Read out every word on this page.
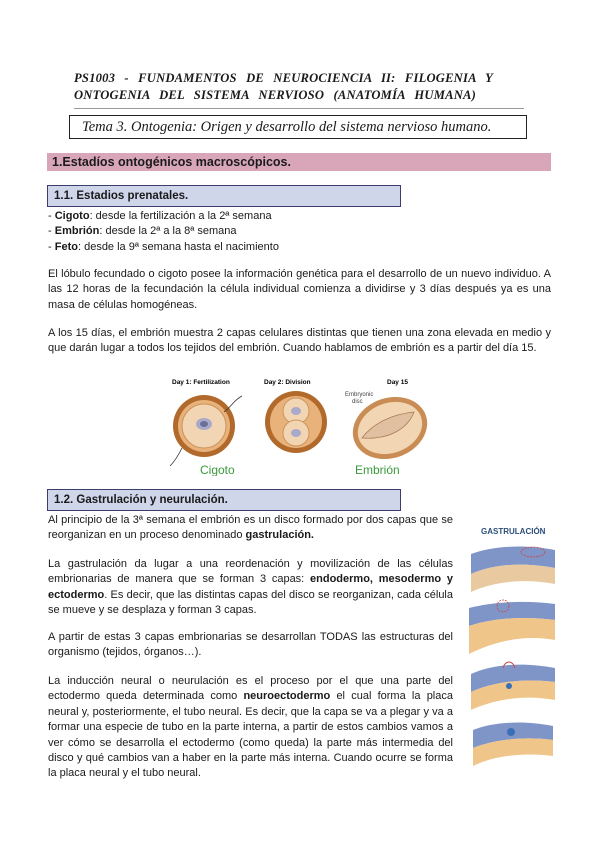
PS1003 - FUNDAMENTOS DE NEUROCIENCIA II: FILOGENIA Y
ONTOGENIA DEL SISTEMA NERVIOSO (ANATOMÍA HUMANA)
Tema 3. Ontogenia: Origen y desarrollo del sistema nervioso humano.
1.Estadíos ontogénicos macroscópicos.
1.1. Estadios prenatales.
- Cigoto: desde la fertilización a la 2ª semana
- Embrión: desde la 2ª a la 8ª semana
- Feto: desde la 9ª semana hasta el nacimiento

El lóbulo fecundado o cigoto posee la información genética para el desarrollo de un nuevo individuo. A las 12 horas de la fecundación la célula individual comienza a dividirse y 3 días después ya es una masa de células homogéneas.

A los 15 días, el embrión muestra 2 capas celulares distintas que tienen una zona elevada en medio y que darán lugar a todos los tejidos del embrión. Cuando hablamos de embrión es a partir del día 15.

Day 1: Fertilization	Day 2: Division	Day 15
Embryonic
disc
Cigoto	Embrión
1.2. Gastrulación y neurulación.

Al principio de la 3ª semana el embrión es un disco formado por dos capas que se reorganizan en un proceso denominado gastrulación.

La gastrulación da lugar a una reordenación y movilización de las células embrionarias de manera que se forman 3 capas: endodermo, mesodermo y ectodermo. Es decir, que las distintas capas del disco se reorganizan, cada célula se mueve y se desplaza y forman 3 capas.

A partir de estas 3 capas embrionarias se desarrollan TODAS las estructuras del organismo (tejidos, órganos…).

La inducción neural o neurulación es el proceso por el que una parte del ectodermo queda determinada como neuroectodermo el cual forma la placa neural y, posteriormente, el tubo neural. Es decir, que la capa se va a plegar y va a formar una especie de tubo en la parte interna, a partir de estos cambios vamos a ver cómo se desarrolla el ectodermo (como queda) la parte más intermedia del disco y qué cambios van a haber en la parte más interna. Cuando ocurre se forma la placa neural y el tubo neural.

GASTRULACIÓN
